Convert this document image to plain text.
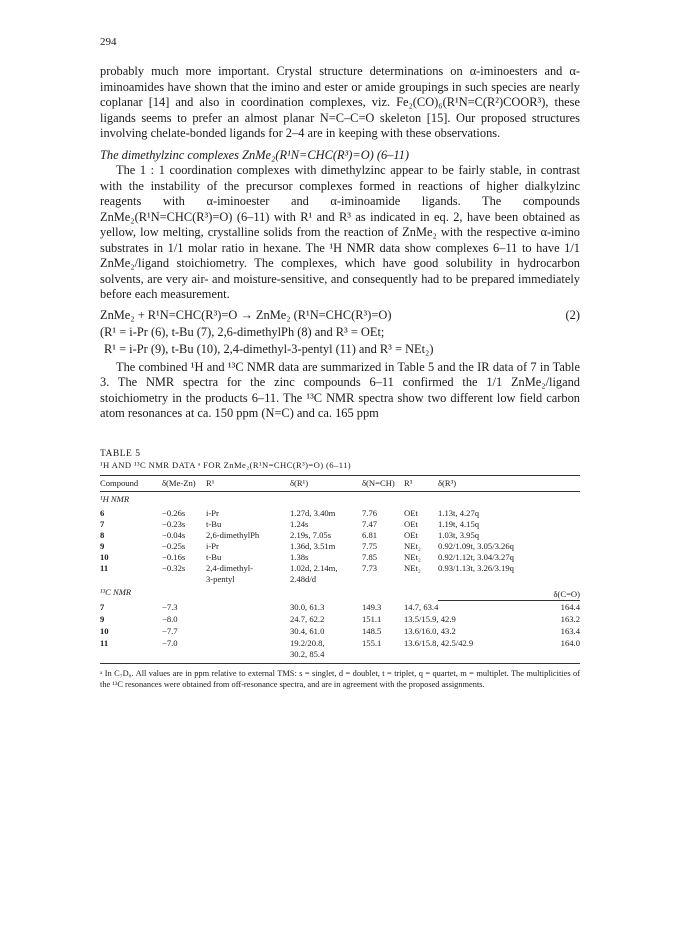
294

probably much more important. Crystal structure determinations on α-iminoesters and α-iminoamides have shown that the imino and ester or amide groupings in such species are nearly coplanar [14] and also in coordination complexes, viz. Fe₂(CO)₆(R¹N=C(R²)COOR³), these ligands seems to prefer an almost planar N=C–C=O skeleton [15]. Our proposed structures involving chelate-bonded ligands for 2–4 are in keeping with these observations.

The dimethylzinc complexes ZnMe₂(R¹N=CHC(R³)=O) (6–11)

The 1 : 1 coordination complexes with dimethylzinc appear to be fairly stable, in contrast with the instability of the precursor complexes formed in reactions of higher dialkylzinc reagents with α-iminoester and α-iminoamide ligands. The compounds ZnMe₂(R¹N=CHC(R³)=O) (6–11) with R¹ and R³ as indicated in eq. 2, have been obtained as yellow, low melting, crystalline solids from the reaction of ZnMe₂ with the respective α-imino substrates in 1/1 molar ratio in hexane. The ¹H NMR data show complexes 6–11 to have 1/1 ZnMe₂/ligand stoichiometry. The complexes, which have good solubility in hydrocarbon solvents, are very air- and moisture-sensitive, and consequently had to be prepared immediately before each measurement.

ZnMe₂ + R¹N=CHC(R³)=O → ZnMe₂ (R¹N=CHC(R³)=O)	(2)
(R¹ = i-Pr (6), t-Bu (7), 2,6-dimethylPh (8) and R³ = OEt;
R¹ = i-Pr (9), t-Bu (10), 2,4-dimethyl-3-pentyl (11) and R³ = NEt₂)

The combined ¹H and ¹³C NMR data are summarized in Table 5 and the IR data of 7 in Table 3. The NMR spectra for the zinc compounds 6–11 confirmed the 1/1 ZnMe₂/ligand stoichiometry in the products 6–11. The ¹³C NMR spectra show two different low field carbon atom resonances at ca. 150 ppm (N=C) and ca. 165 ppm

TABLE 5
¹H AND ¹³C NMR DATA ᵃ FOR ZnMe₂(R¹N=CHC(R³)=O) (6–11)
Compound	δ(Me-Zn)	R¹	δ(R¹)	δ(N=CH)	R³	δ(R³)

¹H NMR						
6	−0.26s	i-Pr	1.27d, 3.40m	7.76	OEt	1.13t, 4.27q
7	−0.23s	t-Bu	1.24s	7.47	OEt	1.19t, 4.15q
8	−0.04s	2,6-dimethylPh	2.19s, 7.05s	6.81	OEt	1.03t, 3.95q
9	−0.25s	i-Pr	1.36d, 3.51m	7.75	NEt₂	0.92/1.09t, 3.05/3.26q
10	−0.16s	t-Bu	1.38s	7.85	NEt₂	0.92/1.12t, 3.04/3.27q
11	−0.32s	2,4-dimethyl-	1.02d, 2.14m,	7.73	NEt₂	0.93/1.13t, 3.26/3.19q
		3-pentyl	2.48d/d			
¹³C NMR						δ(C=O)
7	−7.3		30.0, 61.3	149.3	14.7, 63.4	164.4
9	−8.0		24.7, 62.2	151.1	13.5/15.9, 42.9	163.2
10	−7.7		30.4, 61.0	148.5	13.6/16.0, 43.2	163.4
11	−7.0		19.2/20.8,	155.1	13.6/15.8, 42.5/42.9	164.0
			30.2, 85.4			
ᵃ In C₇D₈. All values are in ppm relative to external TMS: s = singlet, d = doublet, t = triplet, q = quartet, m = multiplet. The multiplicities of the ¹³C resonances were obtained from off-resonance spectra, and are in agreement with the proposed assignments.
